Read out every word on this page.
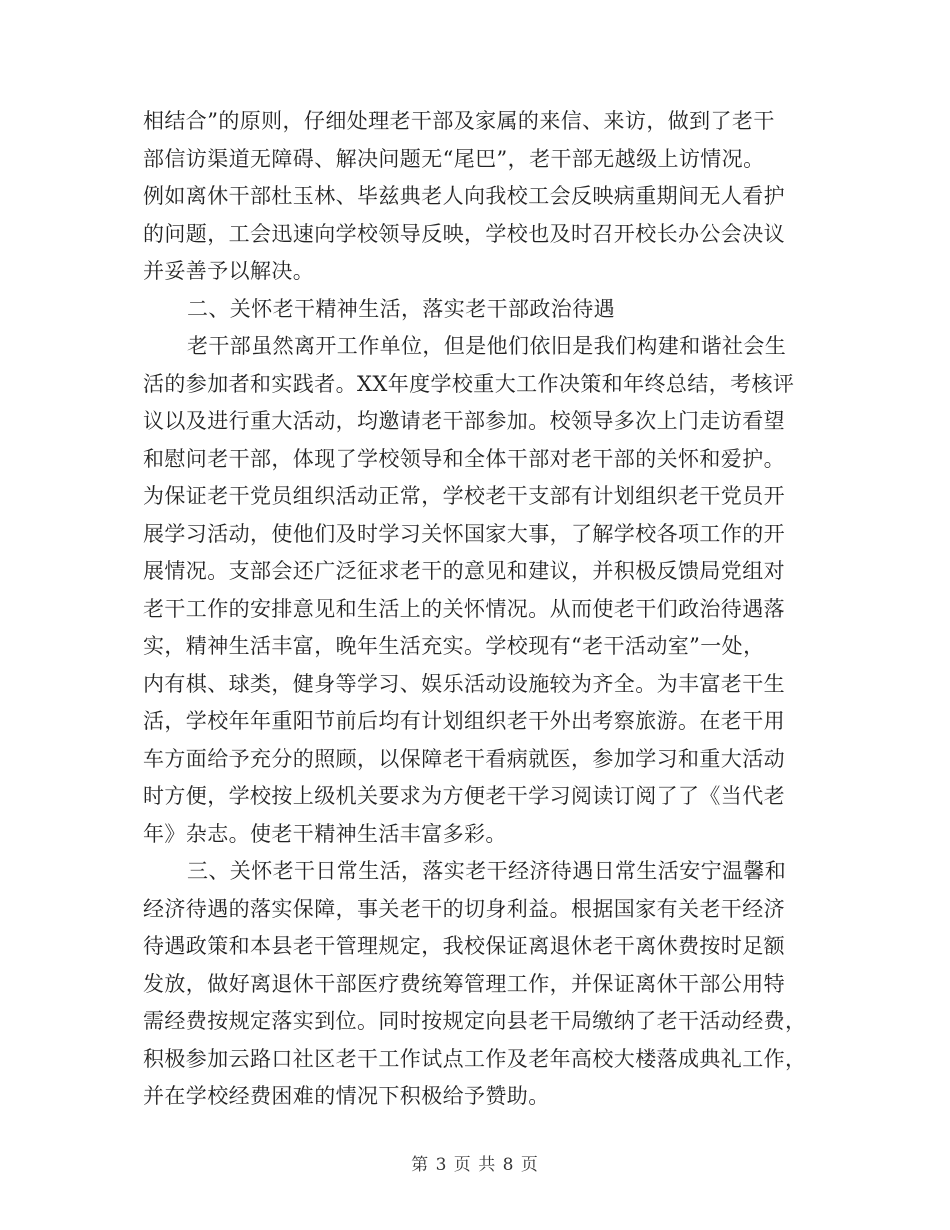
相结合”的原则，仔细处理老干部及家属的来信、来访，做到了老干
部信访渠道无障碍、解决问题无“尾巴”，老干部无越级上访情况。
例如离休干部杜玉林、毕兹典老人向我校工会反映病重期间无人看护
的问题，工会迅速向学校领导反映，学校也及时召开校长办公会决议
并妥善予以解决。
二、关怀老干精神生活，落实老干部政治待遇
老干部虽然离开工作单位，但是他们依旧是我们构建和谐社会生
活的参加者和实践者。XX年度学校重大工作决策和年终总结，考核评
议以及进行重大活动，均邀请老干部参加。校领导多次上门走访看望
和慰问老干部，体现了学校领导和全体干部对老干部的关怀和爱护。
为保证老干党员组织活动正常，学校老干支部有计划组织老干党员开
展学习活动，使他们及时学习关怀国家大事，了解学校各项工作的开
展情况。支部会还广泛征求老干的意见和建议，并积极反馈局党组对
老干工作的安排意见和生活上的关怀情况。从而使老干们政治待遇落
实，精神生活丰富，晚年生活充实。学校现有“老干活动室”一处，
内有棋、球类，健身等学习、娱乐活动设施较为齐全。为丰富老干生
活，学校年年重阳节前后均有计划组织老干外出考察旅游。在老干用
车方面给予充分的照顾，以保障老干看病就医，参加学习和重大活动
时方便，学校按上级机关要求为方便老干学习阅读订阅了了《当代老
年》杂志。使老干精神生活丰富多彩。
三、关怀老干日常生活，落实老干经济待遇日常生活安宁温馨和
经济待遇的落实保障，事关老干的切身利益。根据国家有关老干经济
待遇政策和本县老干管理规定，我校保证离退休老干离休费按时足额
发放，做好离退休干部医疗费统筹管理工作，并保证离休干部公用特
需经费按规定落实到位。同时按规定向县老干局缴纳了老干活动经费，
积极参加云路口社区老干工作试点工作及老年高校大楼落成典礼工作，
并在学校经费困难的情况下积极给予赞助。
第 3 页 共 8 页
